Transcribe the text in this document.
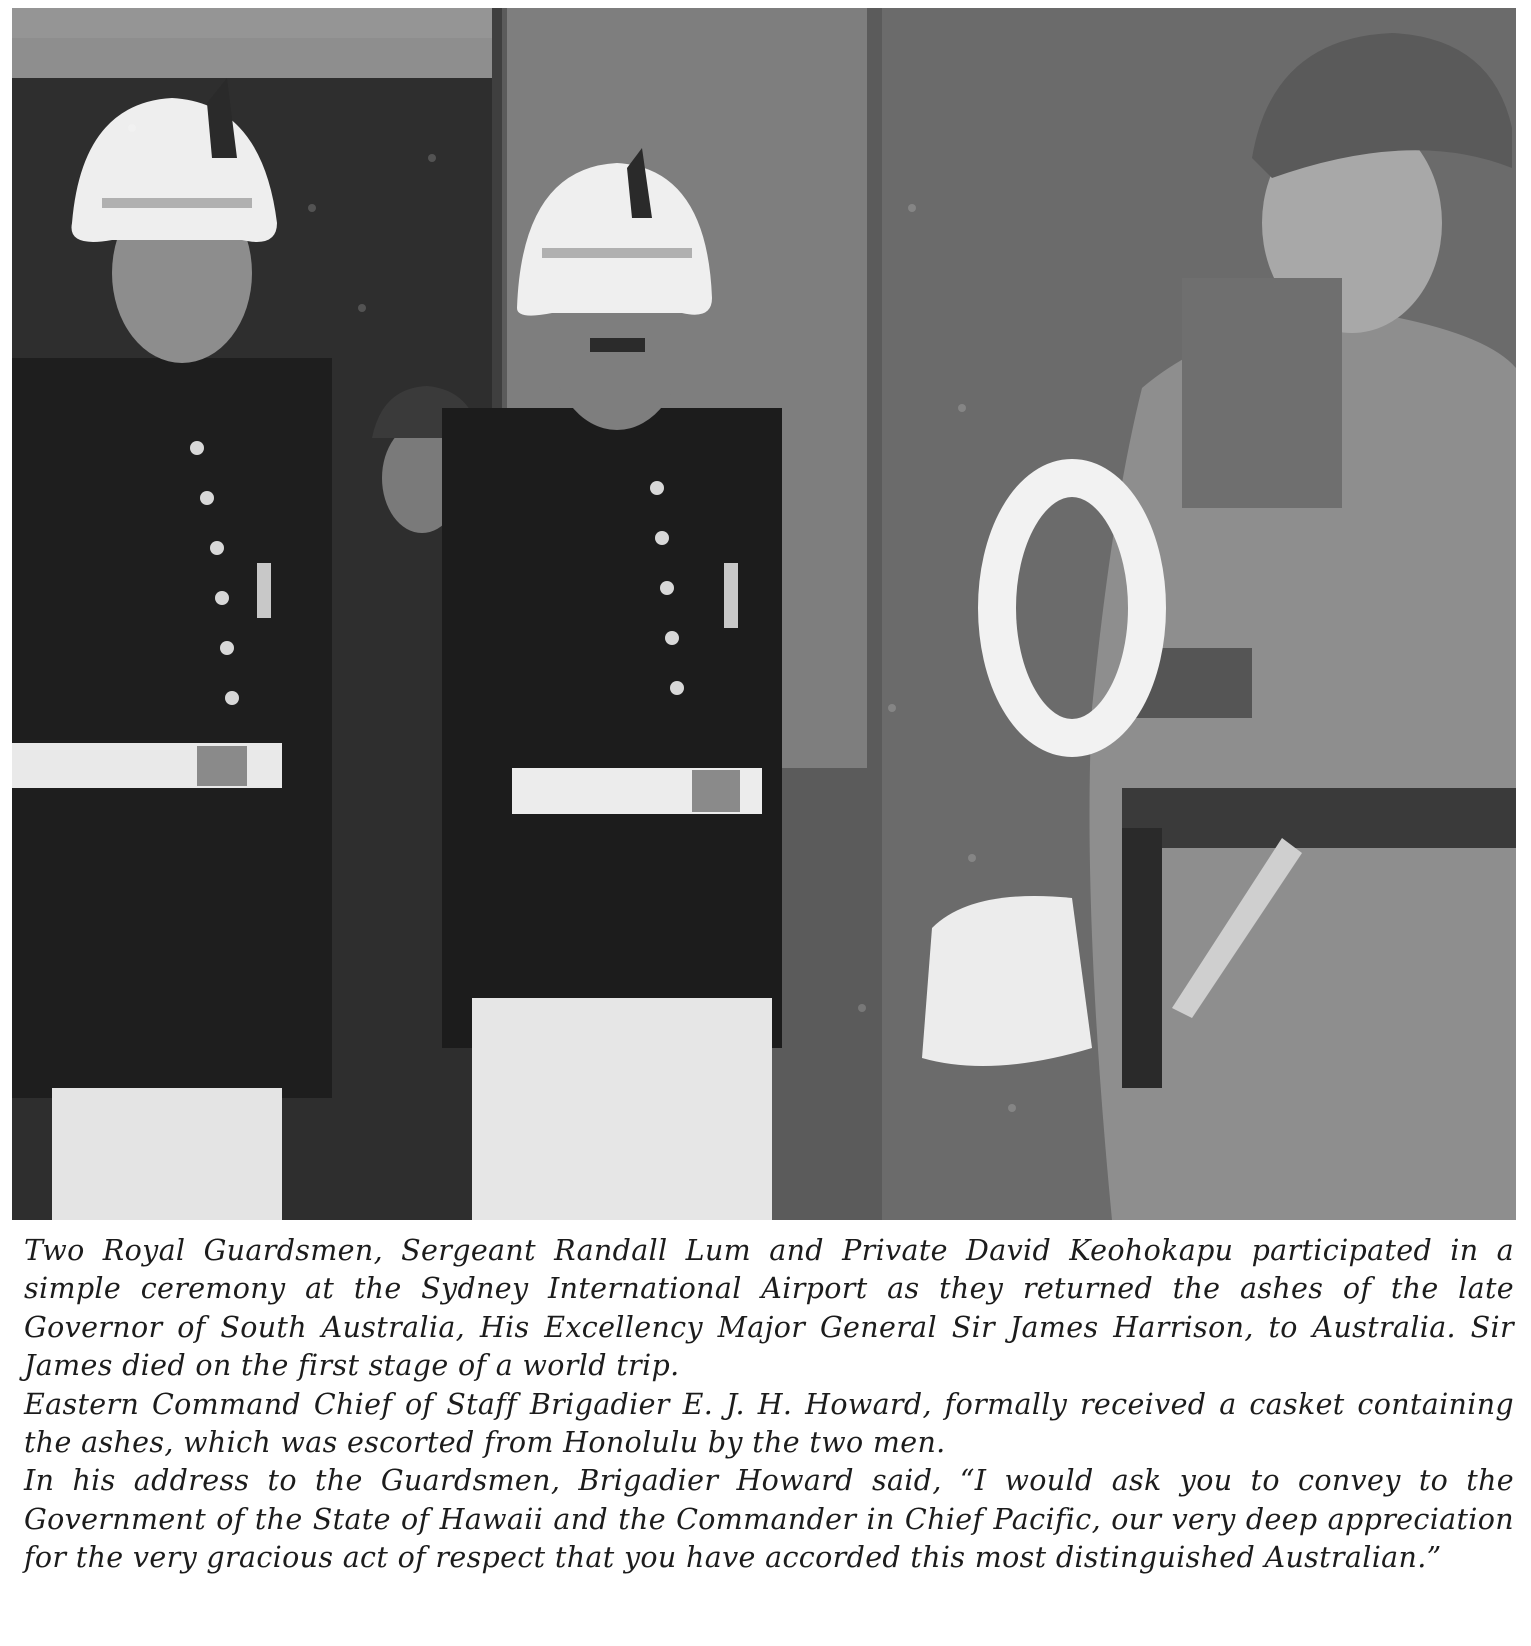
Two Royal Guardsmen, Sergeant Randall Lum and Private David Keohokapu participated in a simple ceremony at the Sydney International Airport as they returned the ashes of the late Governor of South Australia, His Excellency Major General Sir James Harrison, to Australia. Sir James died on the first stage of a world trip.

Eastern Command Chief of Staff Brigadier E. J. H. Howard, formally received a casket containing the ashes, which was escorted from Honolulu by the two men.

In his address to the Guardsmen, Brigadier Howard said, “I would ask you to convey to the Government of the State of Hawaii and the Commander in Chief Pacific, our very deep appreciation for the very gracious act of respect that you have accorded this most distinguished Australian.”
